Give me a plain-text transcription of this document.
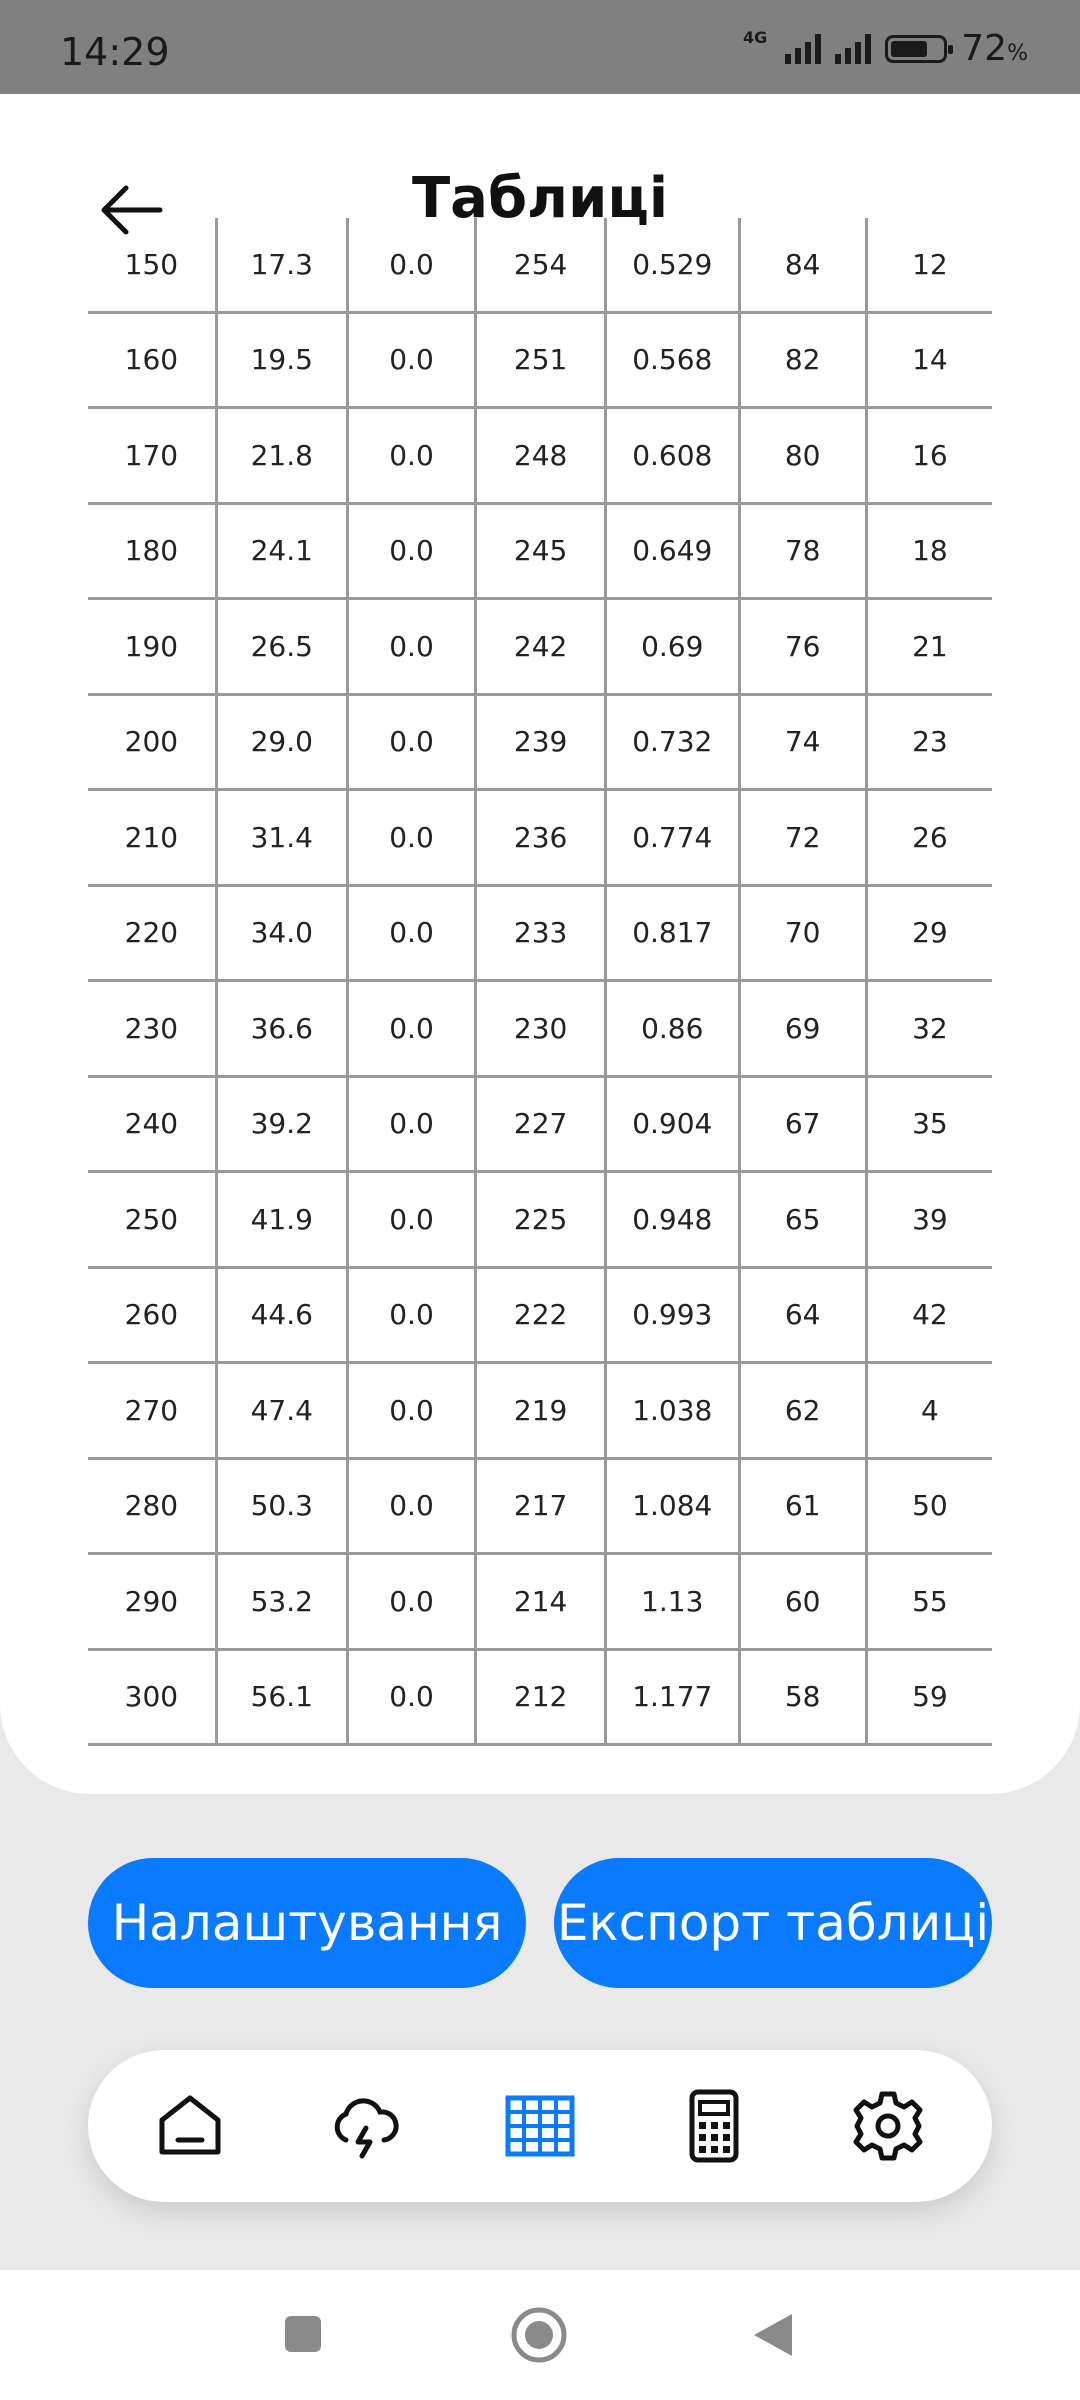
14:29	4G	72%
Таблиці
150	17.3	0.0	254	0.529	84	12
160	19.5	0.0	251	0.568	82	14
170	21.8	0.0	248	0.608	80	16
180	24.1	0.0	245	0.649	78	18
190	26.5	0.0	242	0.69	76	21
200	29.0	0.0	239	0.732	74	23
210	31.4	0.0	236	0.774	72	26
220	34.0	0.0	233	0.817	70	29
230	36.6	0.0	230	0.86	69	32
240	39.2	0.0	227	0.904	67	35
250	41.9	0.0	225	0.948	65	39
260	44.6	0.0	222	0.993	64	42
270	47.4	0.0	219	1.038	62	4
280	50.3	0.0	217	1.084	61	50
290	53.2	0.0	214	1.13	60	55
300	56.1	0.0	212	1.177	58	59
Налаштування	Експорт таблиці
